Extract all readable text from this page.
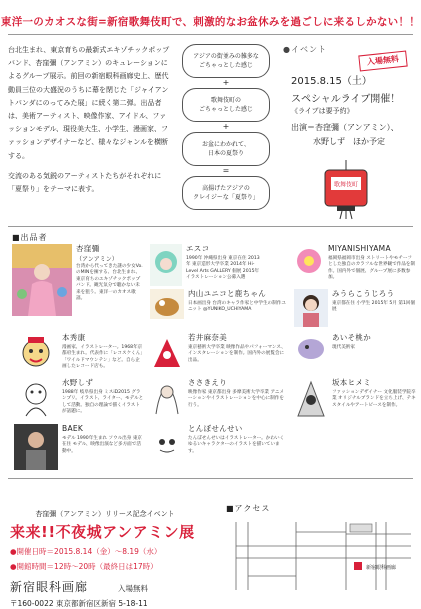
東洋一のカオスな街=新宿歌舞伎町で、刺激的なお盆休みを過ごしに来るしかない！！

台北生まれ、東京育ちの最新式エキゾチックポップバンド、杏窪彌（アンアミン）のキュレーションによるグループ展示。前回の新宿眼科画廊史上、歴代動員三位の大盛況のうちに幕を閉じた「ジャイアントパンダにのってみた展」に続く第二弾。出品者は、美術アーティスト、映像作家、アイドル、ファッションモデル、現役美大生、小学生、漫画家、ファッションデザイナーなど、様々なジャンルを横断する。

交流のある気鋭のアーティストたちがそれぞれに「夏祭り」をテーマに表す。

アジアの街並みの雑多な
ごちゃっとした感じ
+
歌舞伎町の
ごちゃっとした感じ
+
お盆にわかれて、
日本の夏祭り
=
高揚げたアジアの
クレイジーな「夏祭り」
●イベント
入場無料
2015.8.15（土）
スペシャルライブ開催！
《ライブは要予約》
出演＝杏窪彌（アンアミン）、
水野しず　ほか予定
歌舞伎町
■出品者
杏窪彌
（アンアミン）
台湾から代ってきた謎の少女Vo.のMINを擁する、台北生まれ、東京育ちのエキゾチックポップバンド。観光気分で聴かない未来を狙う。東洋一のカオス歌謡。
エスコ
1990年 沖縄県出身 東京在住 2013年 東京造形大学卒業 2014年 Hi-Level Arts GALLERY 個展 2015年 イラストレーション公募入選
MIYANISHIYAMA
福岡県福岡市出身 ストリートやモチーフとした独自のカラフルな世界観で作品を制作。国内外で個展、グループ展に多数参加。
内山ユニコと鹿ちゃん
日本画出身 台湾のキャラ作家と中学生の制作ユニット @YUNIKO_UCHIYAMA
みうらこうじろう
東京都在住 小学生 2015年 5月 第1回個展
本秀康
漫画家、イラストレーター。1968年京都府生まれ。代表作に「レコスケくん」「ワイルドマウンテン」など。自ら企画したレコード店も。
若井麻奈美
東京藝術大学卒業 映像作品やパフォーマンス、インスタレーションを制作。国内外の展覧会に出品。
あいそ桃か
現代美術家
水野しず
1988年 岐阜県出身 ミスiD2015 グランプリ。イラスト、ライター、モデルとして活動。独自の理論で描くイラストが話題に。
ささきえり
映像作家 東京都出身 多摩美術大学卒業 アニメーションやイラストレーションを中心に制作を行う。
坂本ヒメミ
ファッションデザイナー 文化服装学院卒業 オリジナルブランドを立ち上げ、テキスタイルやアートピースを制作。
BAEK
モデル 1990年生まれ ソウル出身 東京在住 モデル、映像出演など多方面で活動中。
とんぼせんせい
たんぼせんせいはイラストレーター。かわいくゆるいキャラクターのイラストを描いています。
杏窪彌（アンアミン）リリース記念イベント
来来!!不夜城アンアミン展
●開催日時＝2015.8.14（金）〜8.19（水）
●開館時間＝12時〜20時（最終日は17時）
新宿眼科画廊	入場無料
〒160-0022 東京都新宿区新宿 5-18-11
■アクセス
新宿眼科画廊
